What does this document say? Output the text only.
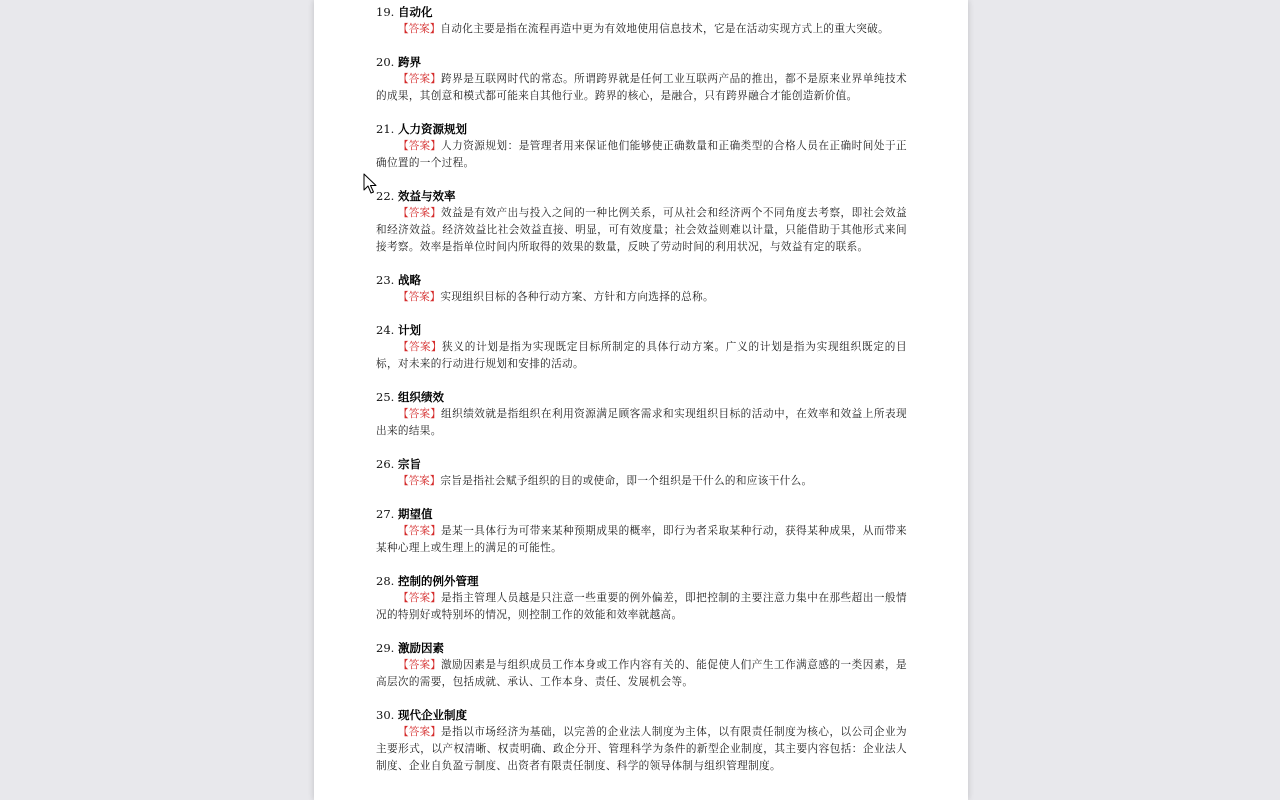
19. 自动化
【答案】自动化主要是指在流程再造中更为有效地使用信息技术，它是在活动实现方式上的重大突破。
20. 跨界
【答案】跨界是互联网时代的常态。所谓跨界就是任何工业互联两产品的推出，都不是原来业界单纯技术的成果，其创意和模式都可能来自其他行业。跨界的核心，是融合，只有跨界融合才能创造新价值。
21. 人力资源规划
【答案】人力资源规划：是管理者用来保证他们能够使正确数量和正确类型的合格人员在正确时间处于正确位置的一个过程。
22. 效益与效率
【答案】效益是有效产出与投入之间的一种比例关系，可从社会和经济两个不同角度去考察，即社会效益和经济效益。经济效益比社会效益直接、明显，可有效度量；社会效益则难以计量，只能借助于其他形式来间接考察。效率是指单位时间内所取得的效果的数量，反映了劳动时间的利用状况，与效益有定的联系。
23. 战略
【答案】实现组织目标的各种行动方案、方针和方向选择的总称。
24. 计划
【答案】狭义的计划是指为实现既定目标所制定的具体行动方案。广义的计划是指为实现组织既定的目标，对未来的行动进行规划和安排的活动。
25. 组织绩效
【答案】组织绩效就是指组织在利用资源满足顾客需求和实现组织目标的活动中，在效率和效益上所表现出来的结果。
26. 宗旨
【答案】宗旨是指社会赋予组织的目的或使命，即一个组织是干什么的和应该干什么。
27. 期望值
【答案】是某一具体行为可带来某种预期成果的概率，即行为者采取某种行动，获得某种成果，从而带来某种心理上或生理上的满足的可能性。
28. 控制的例外管理
【答案】是指主管理人员越是只注意一些重要的例外偏差，即把控制的主要注意力集中在那些超出一般情况的特别好或特别坏的情况，则控制工作的效能和效率就越高。
29. 激励因素
【答案】激励因素是与组织成员工作本身或工作内容有关的、能促使人们产生工作满意感的一类因素，是高层次的需要，包括成就、承认、工作本身、责任、发展机会等。
30. 现代企业制度
【答案】是指以市场经济为基础，以完善的企业法人制度为主体，以有限责任制度为核心，以公司企业为主要形式，以产权清晰、权责明确、政企分开、管理科学为条件的新型企业制度，其主要内容包括：企业法人制度、企业自负盈亏制度、出资者有限责任制度、科学的领导体制与组织管理制度。
